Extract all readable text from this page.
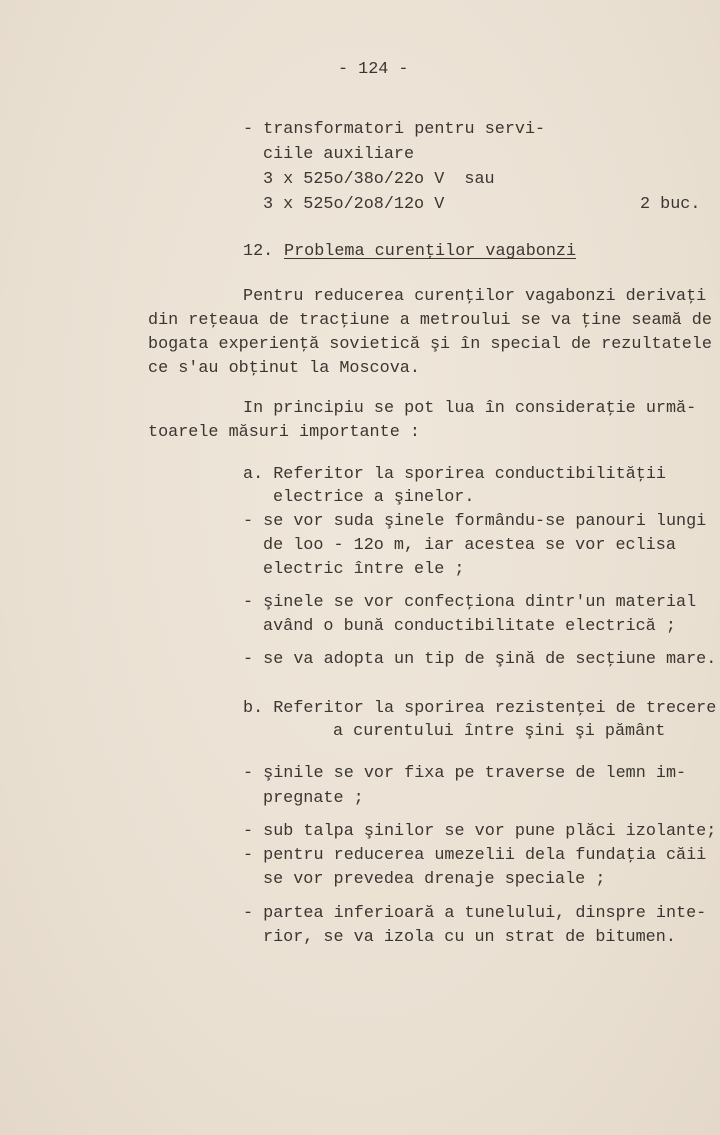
- 124 -
- transformatori pentru servi-
ciile auxiliare
3 x 525o/38o/22o V  sau
3 x 525o/2o8/12o V	2 buc.
12. Problema curenţilor vagabonzi
Pentru reducerea curenţilor vagabonzi derivaţi
din reţeaua de tracţiune a metroului se va ţine seamă de
bogata experienţă sovietică şi în special de rezultatele
ce s'au obţinut la Moscova.
In principiu se pot lua în consideraţie urmă-
toarele măsuri importante :
a. Referitor la sporirea conductibilităţii
electrice a şinelor.
- se vor suda şinele formându-se panouri lungi
de loo - 12o m, iar acestea se vor eclisa
electric între ele ;
- şinele se vor confecţiona dintr'un material
având o bună conductibilitate electrică ;
- se va adopta un tip de şină de secţiune mare.
b. Referitor la sporirea rezistenţei de trecere
a curentului între şini şi pământ
- şinile se vor fixa pe traverse de lemn im-
pregnate ;
- sub talpa şinilor se vor pune plăci izolante;
- pentru reducerea umezelii dela fundaţia căii
se vor prevedea drenaje speciale ;
- partea inferioară a tunelului, dinspre inte-
rior, se va izola cu un strat de bitumen.
